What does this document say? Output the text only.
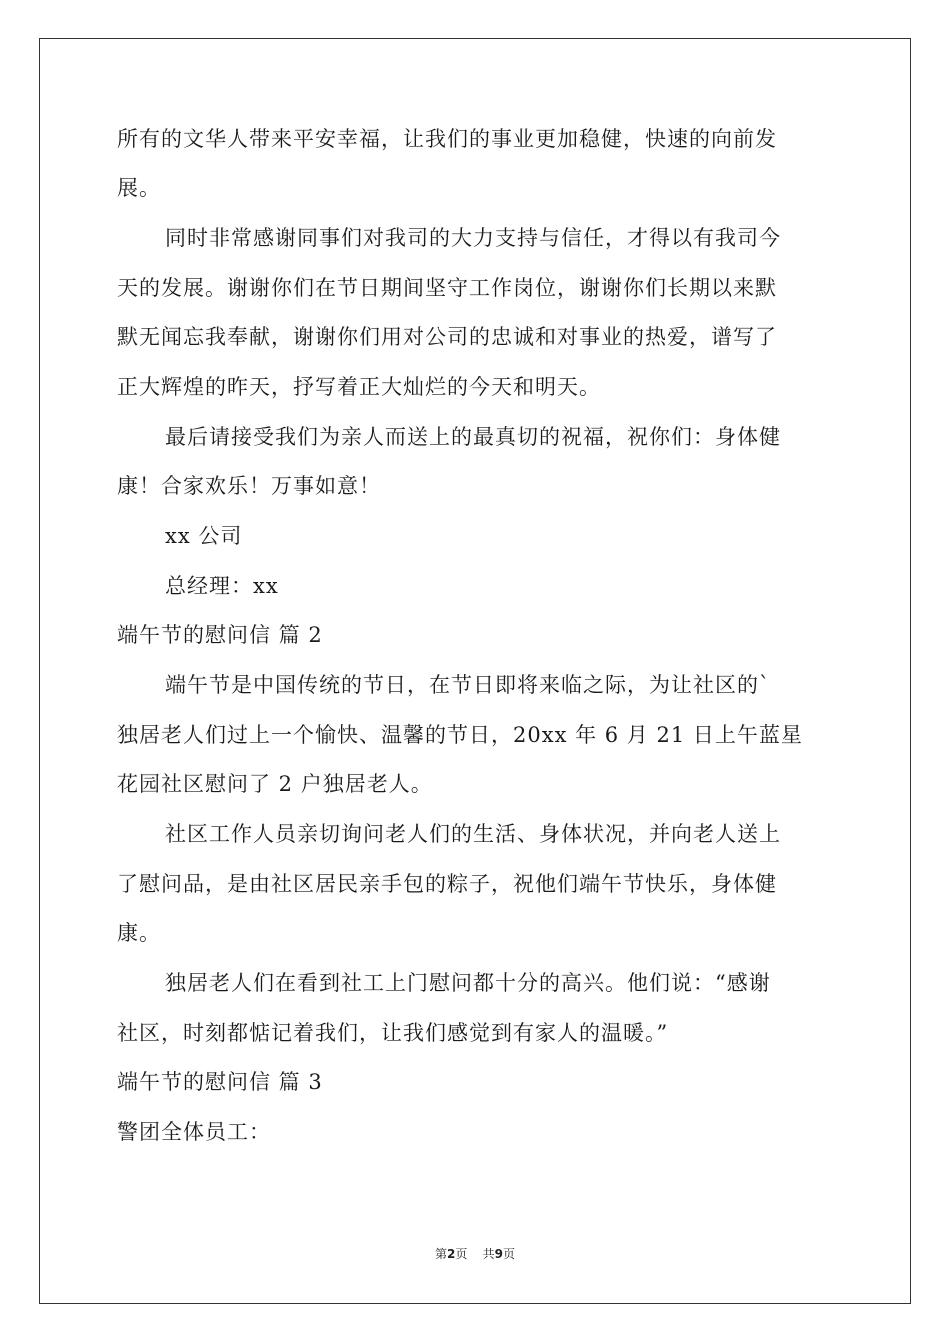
所有的文华人带来平安幸福，让我们的事业更加稳健，快速的向前发
展。
同时非常感谢同事们对我司的大力支持与信任，才得以有我司今
天的发展。谢谢你们在节日期间坚守工作岗位，谢谢你们长期以来默
默无闻忘我奉献，谢谢你们用对公司的忠诚和对事业的热爱，谱写了
正大辉煌的昨天，抒写着正大灿烂的今天和明天。
最后请接受我们为亲人而送上的最真切的祝福，祝你们：身体健
康！合家欢乐！万事如意！
xx 公司
总经理：xx
端午节的慰问信 篇 2
端午节是中国传统的节日，在节日即将来临之际，为让社区的`
独居老人们过上一个愉快、温馨的节日，20xx 年 6 月 21 日上午蓝星
花园社区慰问了 2 户独居老人。
社区工作人员亲切询问老人们的生活、身体状况，并向老人送上
了慰问品，是由社区居民亲手包的粽子，祝他们端午节快乐，身体健
康。
独居老人们在看到社工上门慰问都十分的高兴。他们说：“感谢
社区，时刻都惦记着我们，让我们感觉到有家人的温暖。”
端午节的慰问信 篇 3
警团全体员工：
第2页 共9页
